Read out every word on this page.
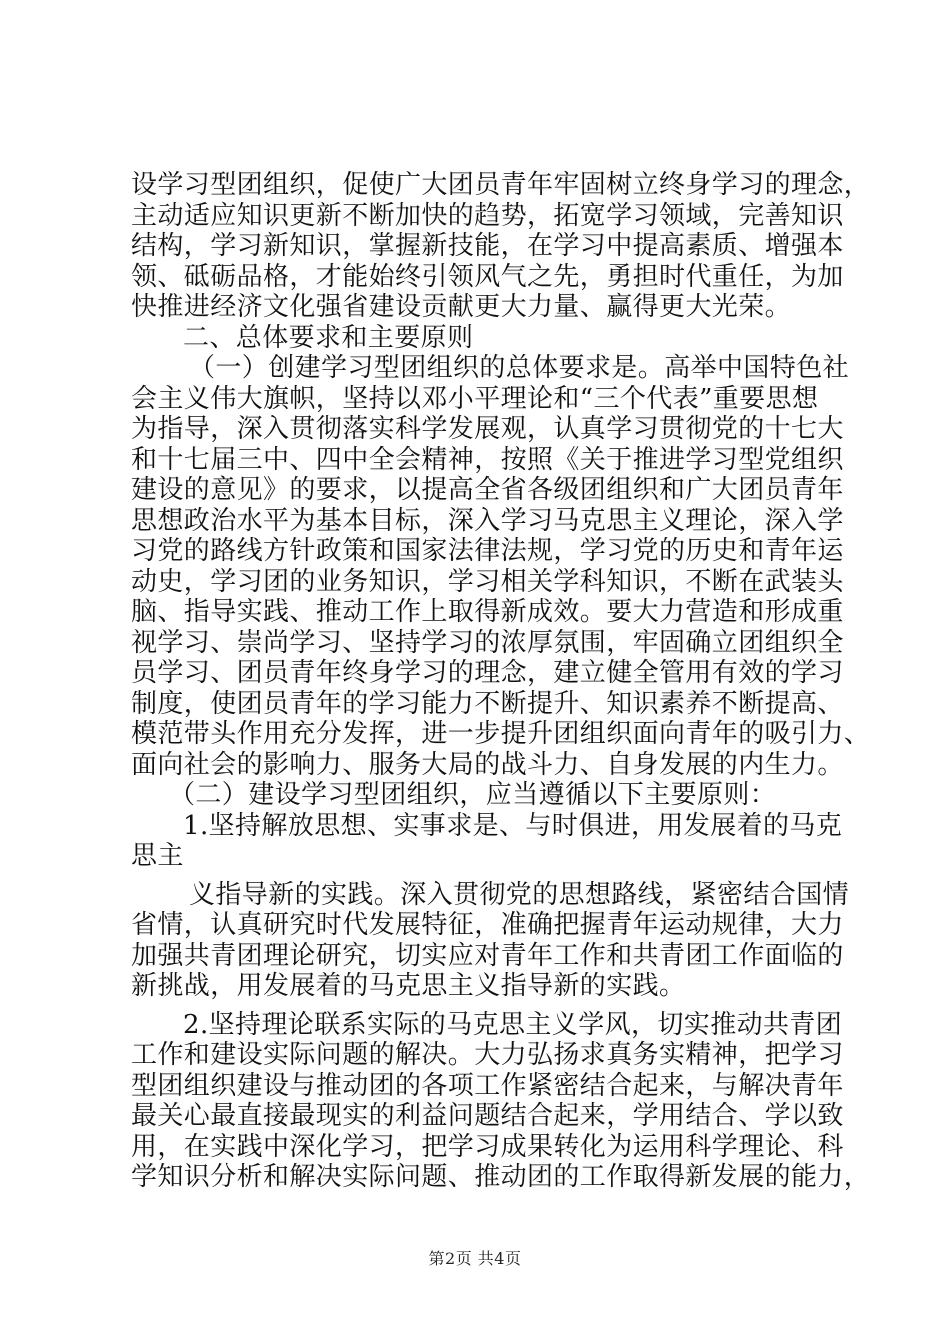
设学习型团组织，促使广大团员青年牢固树立终身学习的理念，
主动适应知识更新不断加快的趋势，拓宽学习领域，完善知识
结构，学习新知识，掌握新技能，在学习中提高素质、增强本
领、砥砺品格，才能始终引领风气之先，勇担时代重任，为加
快推进经济文化强省建设贡献更大力量、赢得更大光荣。
二、总体要求和主要原则
（一）创建学习型团组织的总体要求是。高举中国特色社
会主义伟大旗帜，坚持以邓小平理论和“三个代表”重要思想
为指导，深入贯彻落实科学发展观，认真学习贯彻党的十七大
和十七届三中、四中全会精神，按照《关于推进学习型党组织
建设的意见》的要求，以提高全省各级团组织和广大团员青年
思想政治水平为基本目标，深入学习马克思主义理论，深入学
习党的路线方针政策和国家法律法规，学习党的历史和青年运
动史，学习团的业务知识，学习相关学科知识，不断在武装头
脑、指导实践、推动工作上取得新成效。要大力营造和形成重
视学习、崇尚学习、坚持学习的浓厚氛围，牢固确立团组织全
员学习、团员青年终身学习的理念，建立健全管用有效的学习
制度，使团员青年的学习能力不断提升、知识素养不断提高、
模范带头作用充分发挥，进一步提升团组织面向青年的吸引力、
面向社会的影响力、服务大局的战斗力、自身发展的内生力。
（二）建设学习型团组织，应当遵循以下主要原则：
1.坚持解放思想、实事求是、与时俱进，用发展着的马克
思主
义指导新的实践。深入贯彻党的思想路线，紧密结合国情
省情，认真研究时代发展特征，准确把握青年运动规律，大力
加强共青团理论研究，切实应对青年工作和共青团工作面临的
新挑战，用发展着的马克思主义指导新的实践。
2.坚持理论联系实际的马克思主义学风，切实推动共青团
工作和建设实际问题的解决。大力弘扬求真务实精神，把学习
型团组织建设与推动团的各项工作紧密结合起来，与解决青年
最关心最直接最现实的利益问题结合起来，学用结合、学以致
用，在实践中深化学习，把学习成果转化为运用科学理论、科
学知识分析和解决实际问题、推动团的工作取得新发展的能力，
第2页 共4页
